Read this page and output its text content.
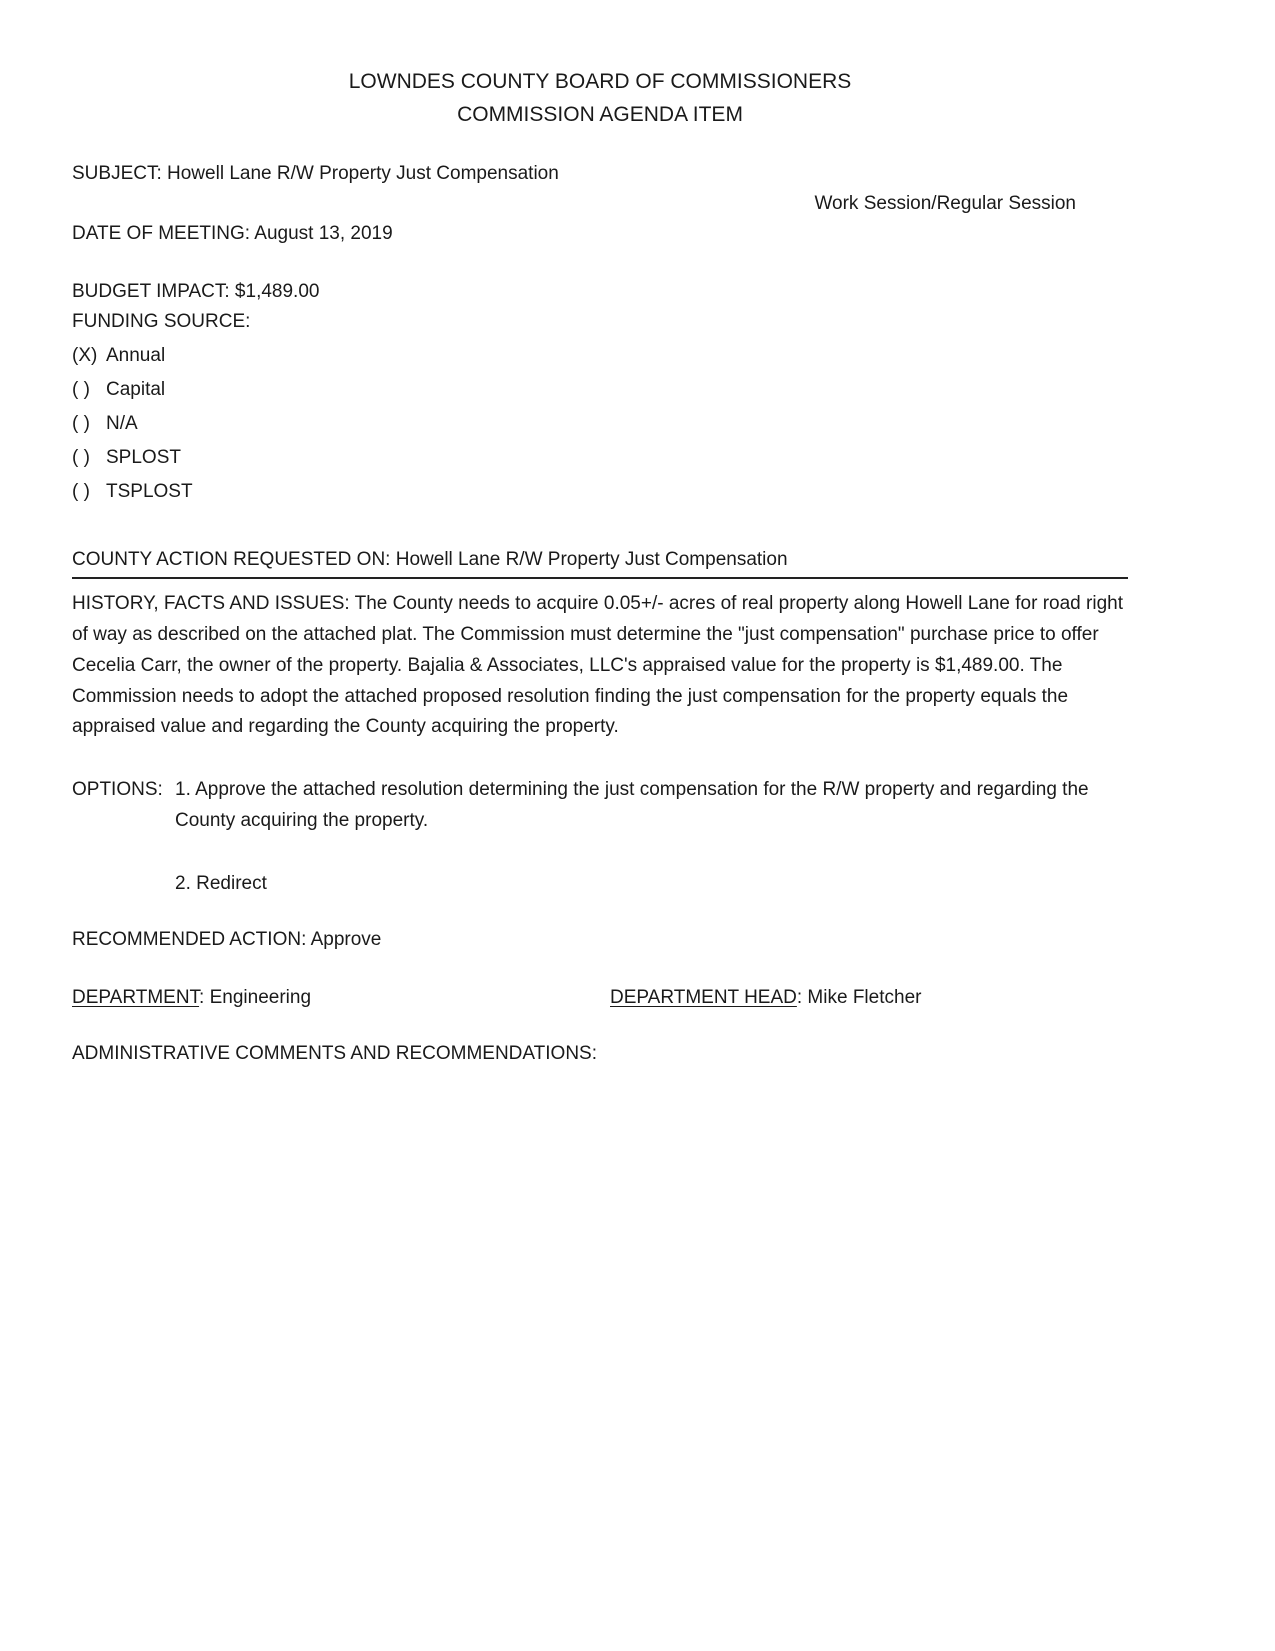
LOWNDES COUNTY BOARD OF COMMISSIONERS
COMMISSION AGENDA ITEM
SUBJECT: Howell Lane R/W Property Just Compensation
Work Session/Regular Session
DATE OF MEETING: August 13, 2019
BUDGET IMPACT: $1,489.00
FUNDING SOURCE:
(X) Annual
( ) Capital
( ) N/A
( ) SPLOST
( ) TSPLOST
COUNTY ACTION REQUESTED ON: Howell Lane R/W Property Just Compensation
HISTORY, FACTS AND ISSUES: The County needs to acquire 0.05+/- acres of real property along Howell Lane for road right of way as described on the attached plat. The Commission must determine the "just compensation" purchase price to offer Cecelia Carr, the owner of the property. Bajalia & Associates, LLC's appraised value for the property is $1,489.00. The Commission needs to adopt the attached proposed resolution finding the just compensation for the property equals the appraised value and regarding the County acquiring the property.
OPTIONS: 1. Approve the attached resolution determining the just compensation for the R/W property and regarding the County acquiring the property.
2. Redirect
RECOMMENDED ACTION: Approve
DEPARTMENT: Engineering	DEPARTMENT HEAD: Mike Fletcher
ADMINISTRATIVE COMMENTS AND RECOMMENDATIONS:
